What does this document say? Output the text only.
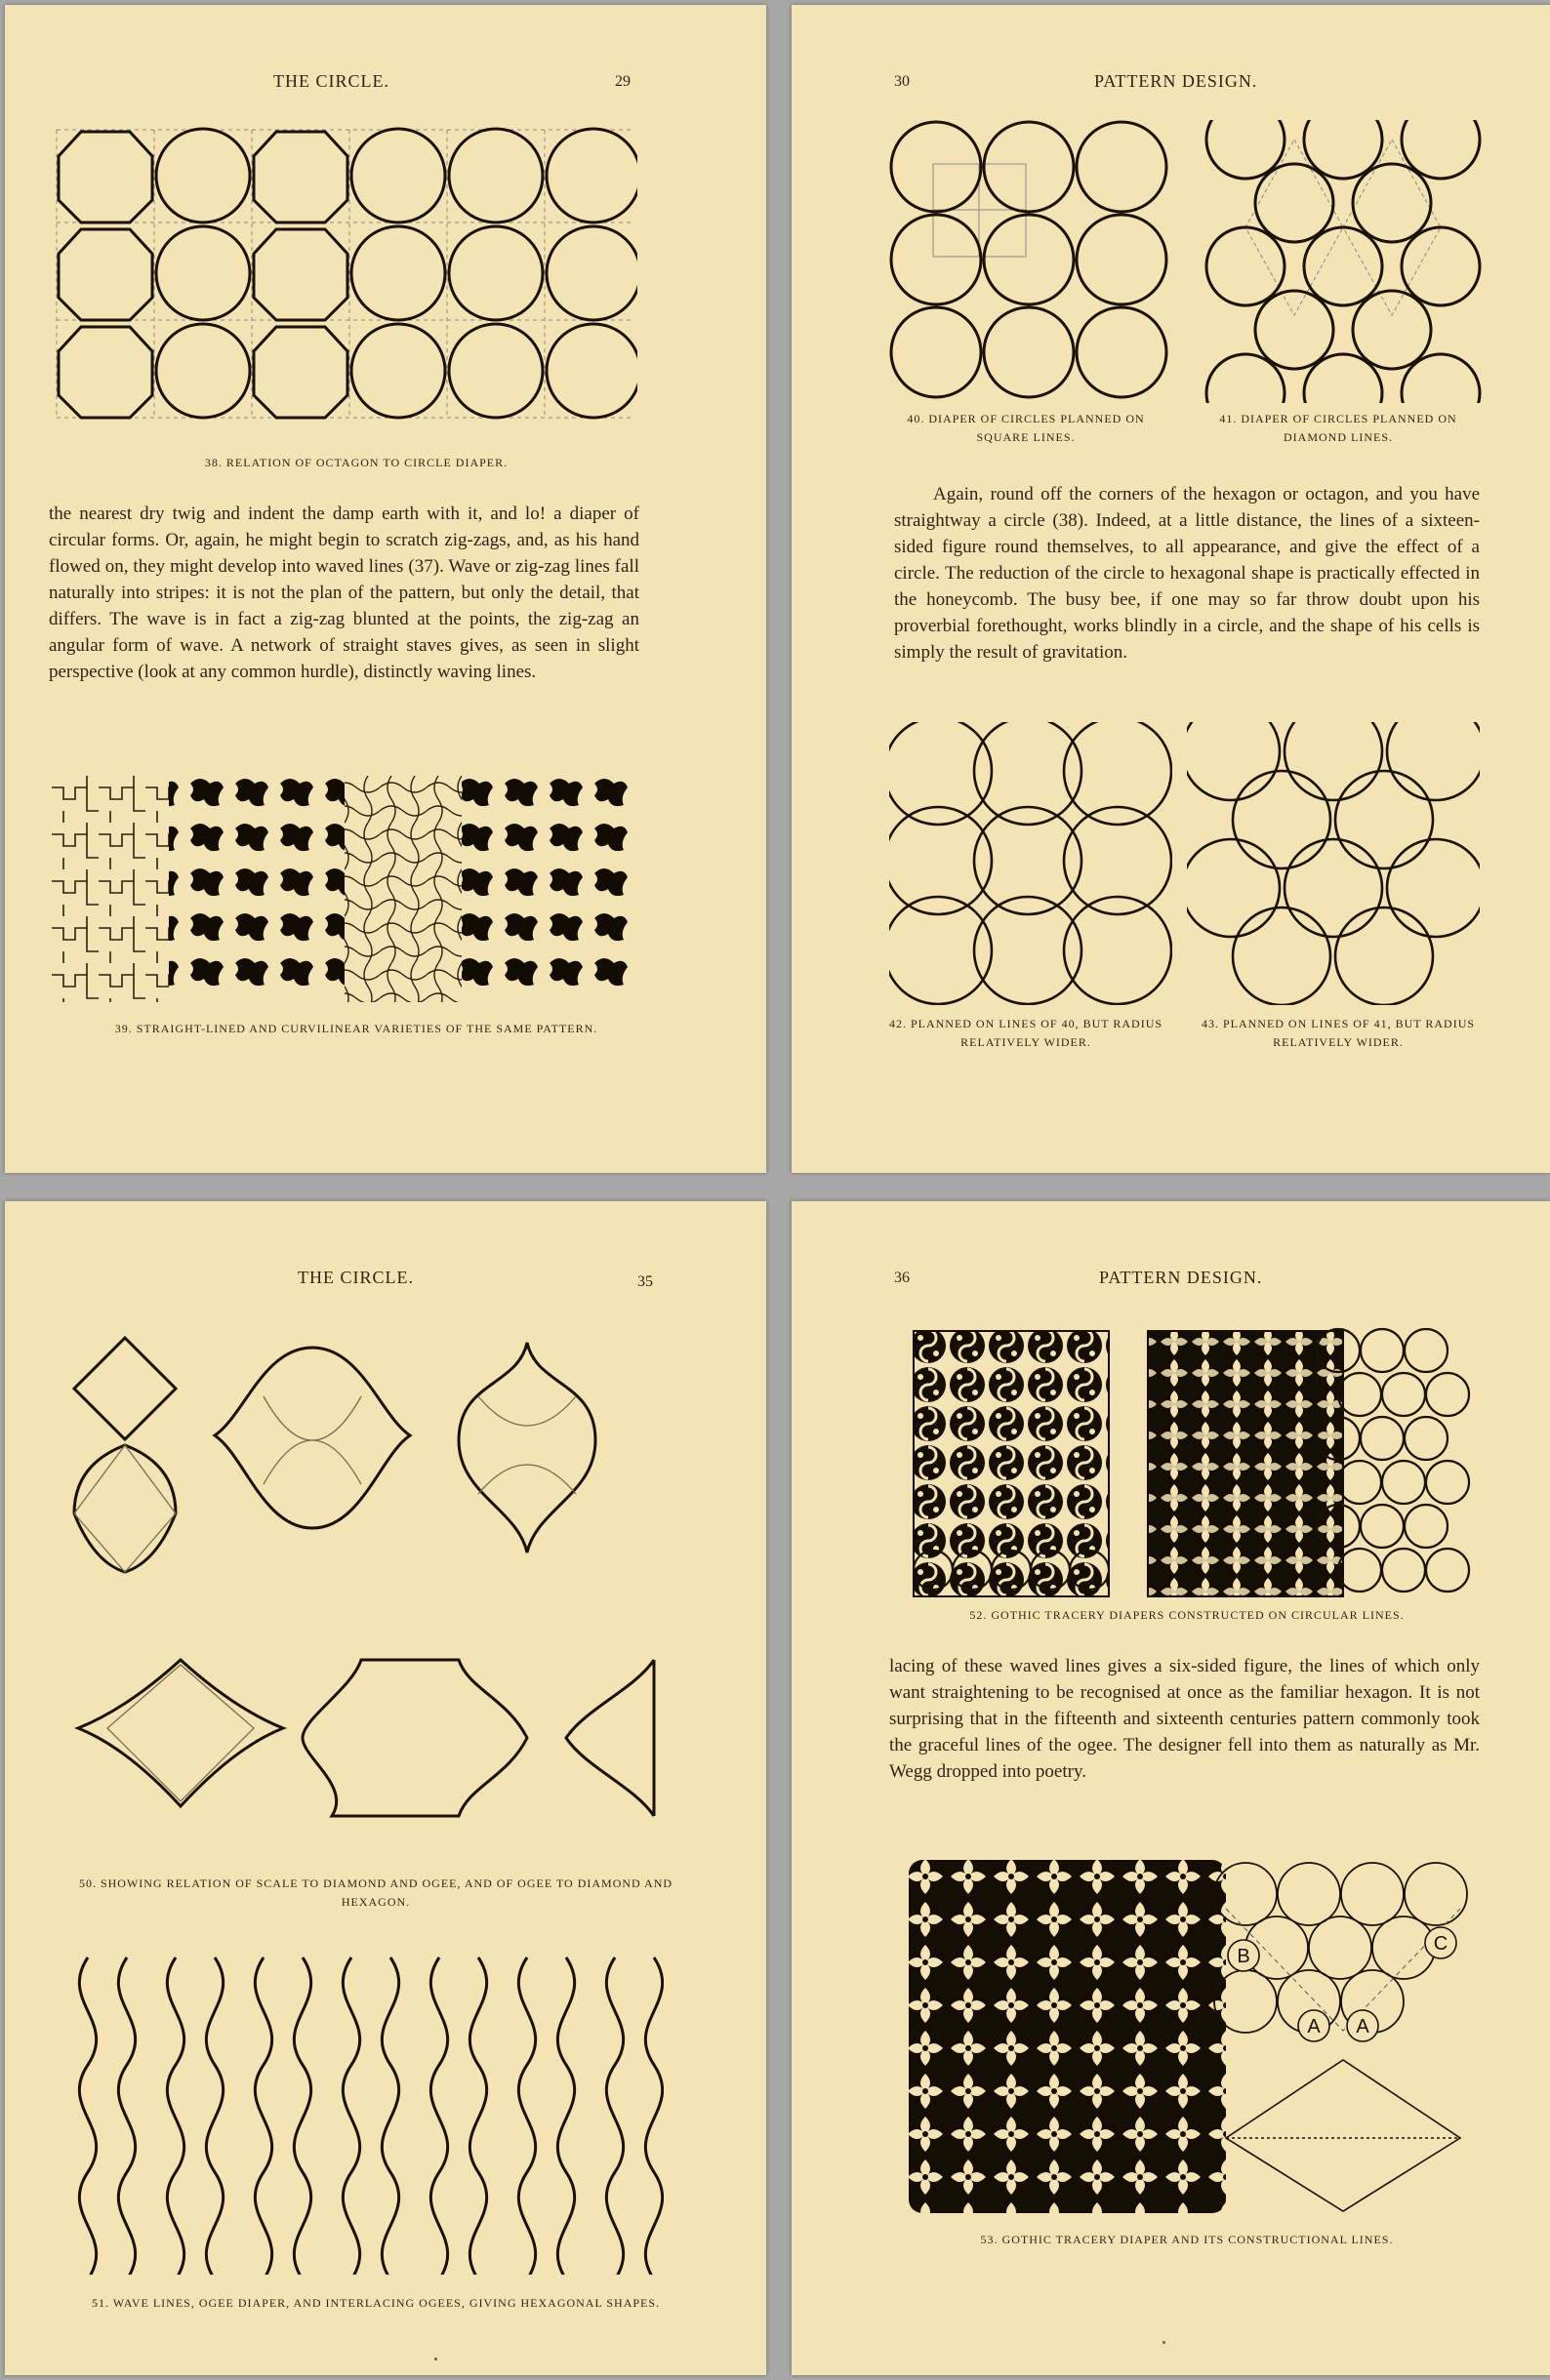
THE CIRCLE.	29
38. RELATION OF OCTAGON TO CIRCLE DIAPER.
the nearest dry twig and indent the damp earth with it, and lo! a diaper of circular forms. Or, again, he might begin to scratch zig-zags, and, as his hand flowed on, they might develop into waved lines (37). Wave or zig-zag lines fall naturally into stripes: it is not the plan of the pattern, but only the detail, that differs. The wave is in fact a zig-zag blunted at the points, the zig-zag an angular form of wave. A network of straight staves gives, as seen in slight perspective (look at any common hurdle), distinctly waving lines.
39. STRAIGHT-LINED AND CURVILINEAR VARIETIES OF THE SAME PATTERN.
30	PATTERN DESIGN.
40. DIAPER OF CIRCLES PLANNED ON SQUARE LINES.
41. DIAPER OF CIRCLES PLANNED ON DIAMOND LINES.
Again, round off the corners of the hexagon or octagon, and you have straightway a circle (38). Indeed, at a little distance, the lines of a sixteen-sided figure round themselves, to all appearance, and give the effect of a circle. The reduction of the circle to hexagonal shape is practically effected in the honeycomb. The busy bee, if one may so far throw doubt upon his proverbial forethought, works blindly in a circle, and the shape of his cells is simply the result of gravitation.
42. PLANNED ON LINES OF 40, BUT RADIUS RELATIVELY WIDER.
43. PLANNED ON LINES OF 41, BUT RADIUS RELATIVELY WIDER.
THE CIRCLE.	35
50. SHOWING RELATION OF SCALE TO DIAMOND AND OGEE, AND OF OGEE TO DIAMOND AND HEXAGON.
51. WAVE LINES, OGEE DIAPER, AND INTERLACING OGEES, GIVING HEXAGONAL SHAPES.
36	PATTERN DESIGN.
52. GOTHIC TRACERY DIAPERS CONSTRUCTED ON CIRCULAR LINES.
lacing of these waved lines gives a six-sided figure, the lines of which only want straightening to be recognised at once as the familiar hexagon. It is not surprising that in the fifteenth and sixteenth centuries pattern commonly took the graceful lines of the ogee. The designer fell into them as naturally as Mr. Wegg dropped into poetry.
B
C
A A
53. GOTHIC TRACERY DIAPER AND ITS CONSTRUCTIONAL LINES.
